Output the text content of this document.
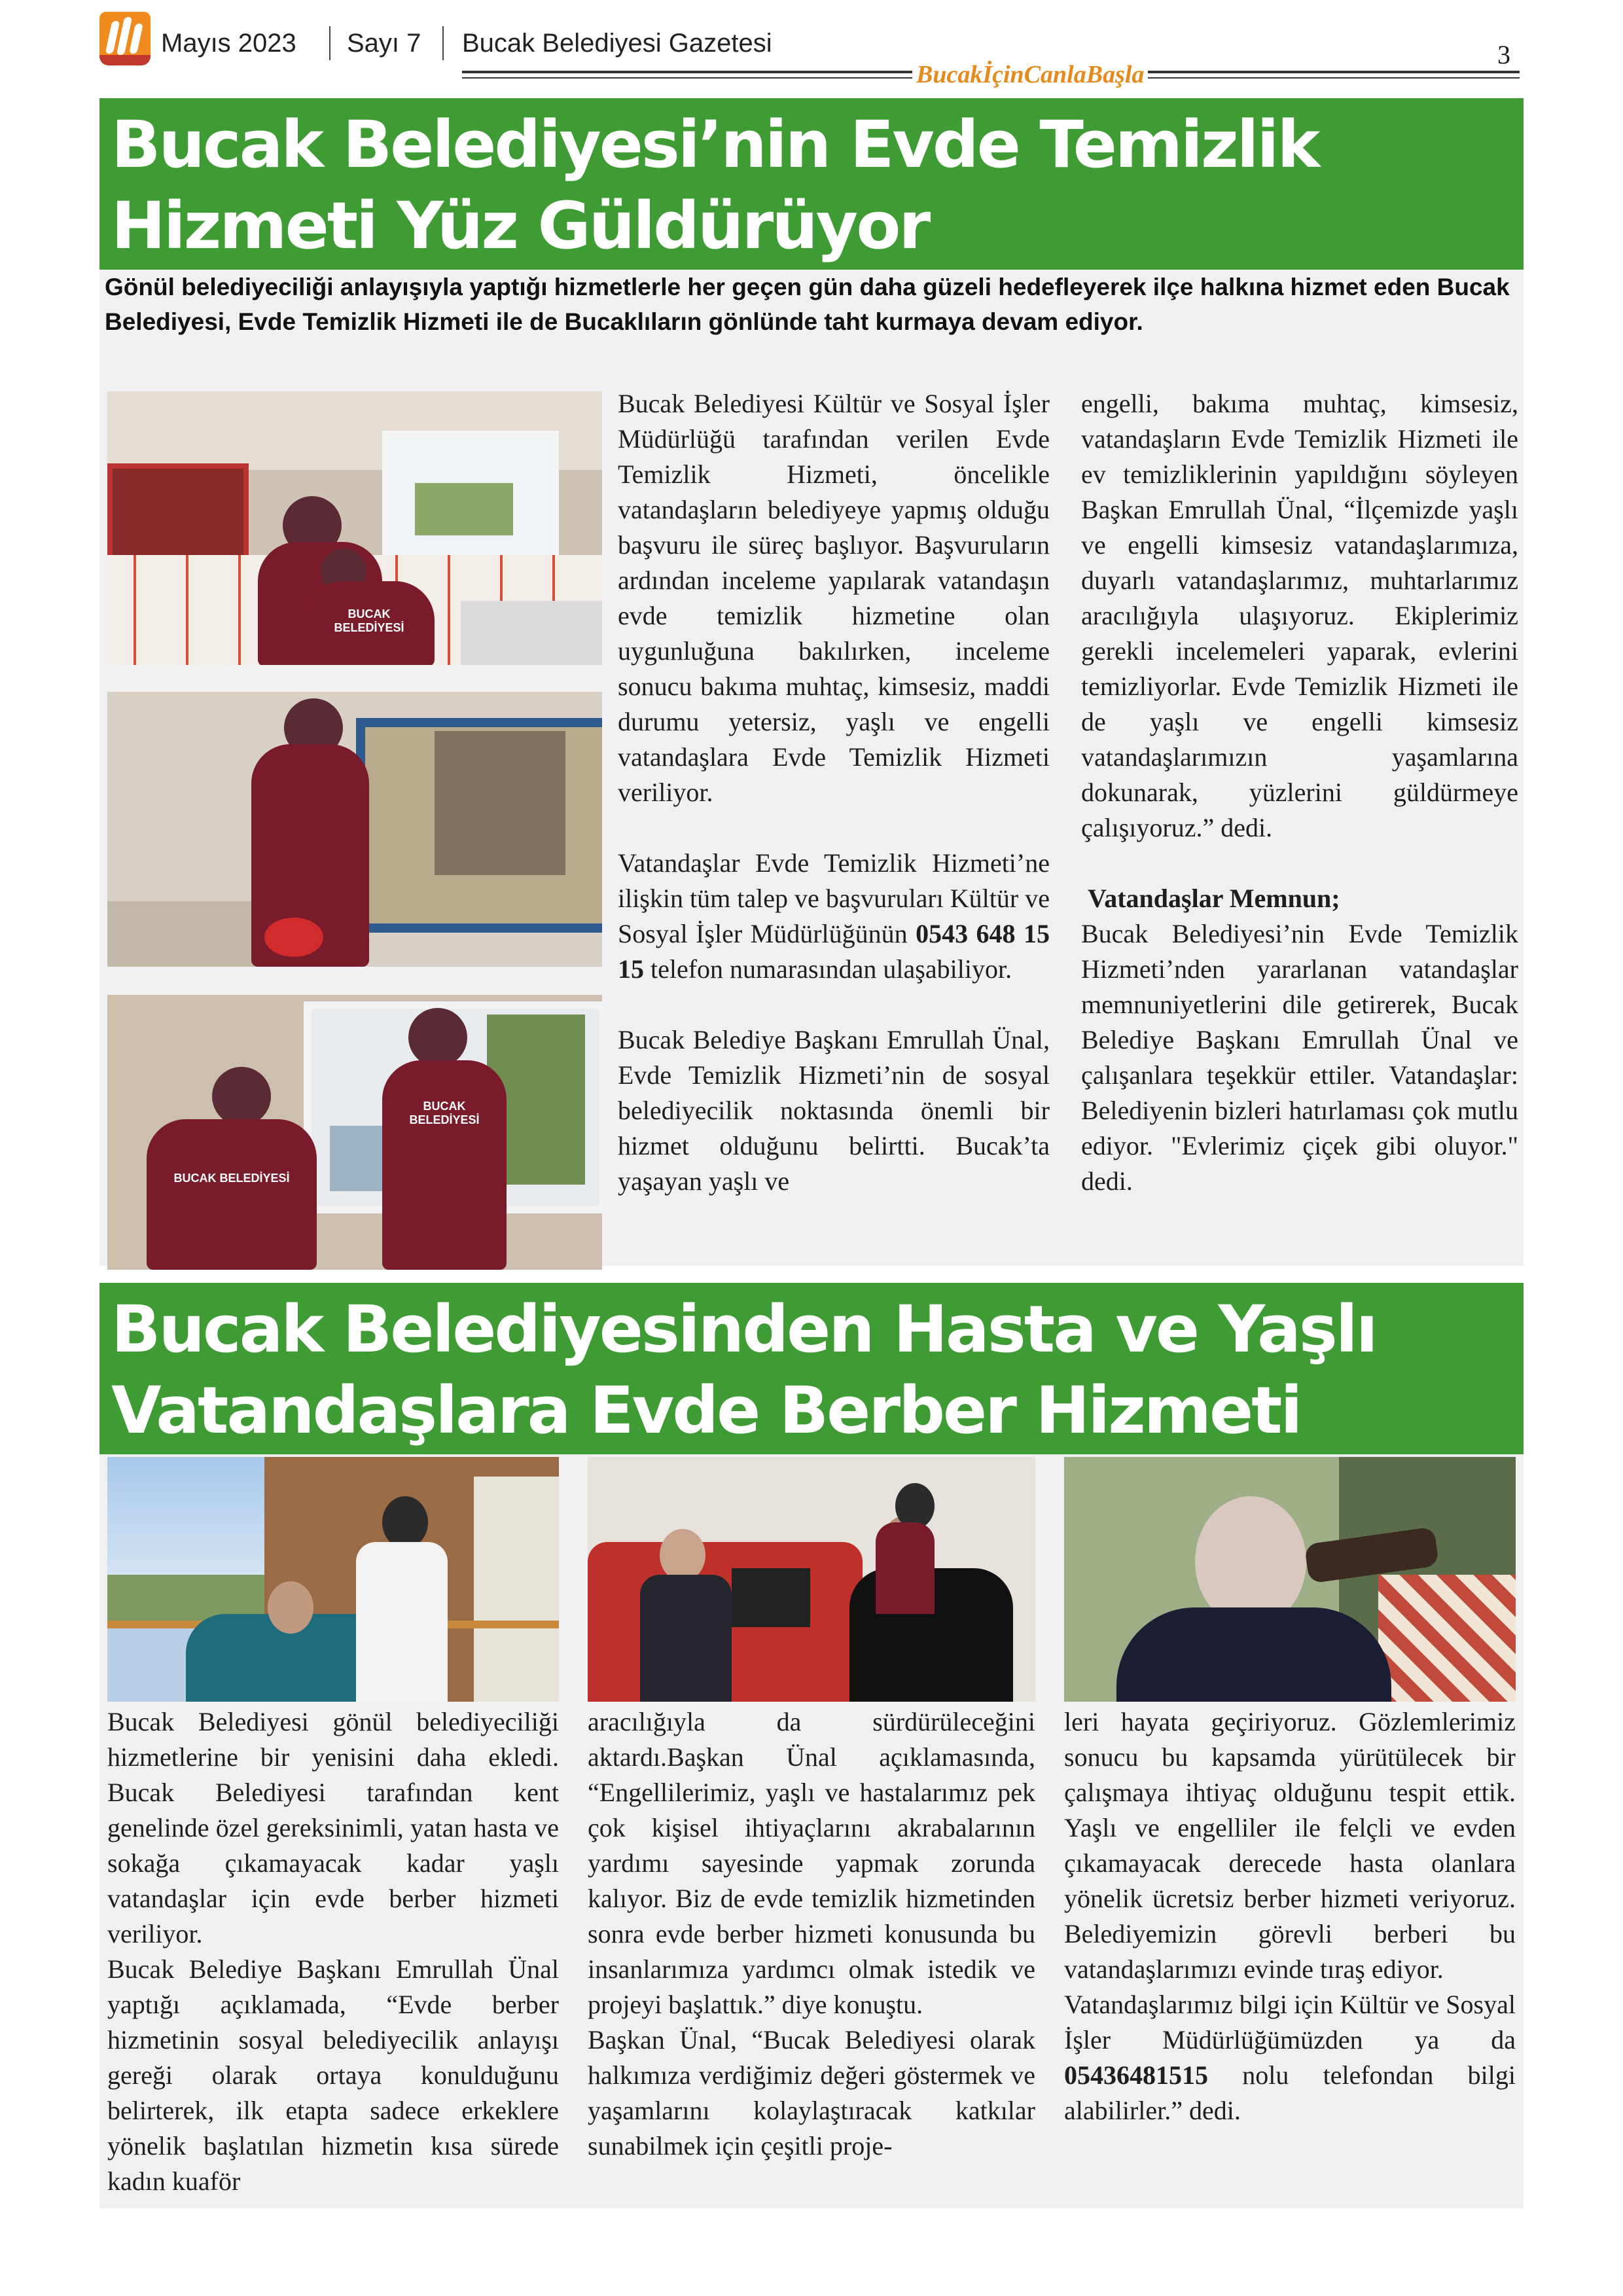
Mayıs 2023 Sayı 7 Bucak Belediyesi Gazetesi	3
BucakİçinCanlaBaşla
Bucak Belediyesi’nin Evde Temizlik
Hizmeti Yüz Güldürüyor
Gönül belediyeciliği anlayışıyla yaptığı hizmetlerle her geçen gün daha güzeli hedefleyerek ilçe halkına hizmet eden Bucak Belediyesi, Evde Temizlik Hizmeti ile de Bucaklıların gönlünde taht kurmaya devam ediyor.
BUCAK BELEDİYESİ
BUCAK BELEDİYESİ
BUCAK BELEDİYESİ

Bucak Belediyesi Kültür ve Sosyal İşler Müdürlüğü tarafından verilen Evde Temizlik Hizmeti, öncelikle vatandaşların belediyeye yapmış olduğu başvuru ile süreç başlıyor. Başvuruların ardından inceleme yapılarak vatandaşın evde temizlik hizmetine olan uygunluğuna bakılırken, inceleme sonucu bakıma muhtaç, kimsesiz, maddi durumu yetersiz, yaşlı ve engelli vatandaşlara Evde Temizlik Hizmeti veriliyor.

Vatandaşlar Evde Temizlik Hizmeti’ne ilişkin tüm talep ve başvuruları Kültür ve Sosyal İşler Müdürlüğünün 0543 648 15 15 telefon numarasından ulaşabiliyor.

Bucak Belediye Başkanı Emrullah Ünal, Evde Temizlik Hizmeti’nin de sosyal belediyecilik noktasında önemli bir hizmet olduğunu belirtti. Bucak’ta yaşayan yaşlı ve

engelli, bakıma muhtaç, kimsesiz, vatandaşların Evde Temizlik Hizmeti ile ev temizliklerinin yapıldığını söyleyen Başkan Emrullah Ünal, “İlçemizde yaşlı ve engelli kimsesiz vatandaşlarımıza, duyarlı vatandaşlarımız, muhtarlarımız aracılığıyla ulaşıyoruz. Ekiplerimiz gerekli incelemeleri yaparak, evlerini temizliyorlar. Evde Temizlik Hizmeti ile de yaşlı ve engelli kimsesiz vatandaşlarımızın yaşamlarına dokunarak, yüzlerini güldürmeye çalışıyoruz.” dedi.

Vatandaşlar Memnun;

Bucak Belediyesi’nin Evde Temizlik Hizmeti’nden yararlanan vatandaşlar memnuniyetlerini dile getirerek, Bucak Belediye Başkanı Emrullah Ünal ve çalışanlara teşekkür ettiler. Vatandaşlar: Belediyenin bizleri hatırlaması çok mutlu ediyor. "Evlerimiz çiçek gibi oluyor." dedi.

Bucak Belediyesinden Hasta ve Yaşlı
Vatandaşlara Evde Berber Hizmeti

Bucak Belediyesi gönül belediyeciliği hizmetlerine bir yenisini daha ekledi. Bucak Belediyesi tarafından kent genelinde özel gereksinimli, yatan hasta ve sokağa çıkamayacak kadar yaşlı vatandaşlar için evde berber hizmeti veriliyor.

Bucak Belediye Başkanı Emrullah Ünal yaptığı açıklamada, “Evde berber hizmetinin sosyal belediyecilik anlayışı gereği olarak ortaya konulduğunu belirterek, ilk etapta sadece erkeklere yönelik başlatılan hizmetin kısa sürede kadın kuaför

aracılığıyla da sürdürüleceğini aktardı.Başkan Ünal açıklamasında, “Engellilerimiz, yaşlı ve hastalarımız pek çok kişisel ihtiyaçlarını akrabalarının yardımı sayesinde yapmak zorunda kalıyor. Biz de evde temizlik hizmetinden sonra evde berber hizmeti konusunda bu insanlarımıza yardımcı olmak istedik ve projeyi başlattık.” diye konuştu.

Başkan Ünal, “Bucak Belediyesi olarak halkımıza verdiğimiz değeri göstermek ve yaşamlarını kolaylaştıracak katkılar sunabilmek için çeşitli proje-

leri hayata geçiriyoruz. Gözlemlerimiz sonucu bu kapsamda yürütülecek bir çalışmaya ihtiyaç olduğunu tespit ettik. Yaşlı ve engelliler ile felçli ve evden çıkamayacak derecede hasta olanlara yönelik ücretsiz berber hizmeti veriyoruz. Belediyemizin görevli berberi bu vatandaşlarımızı evinde tıraş ediyor.

Vatandaşlarımız bilgi için Kültür ve Sosyal İşler Müdürlüğümüzden ya da 05436481515 nolu telefondan bilgi alabilirler.” dedi.
